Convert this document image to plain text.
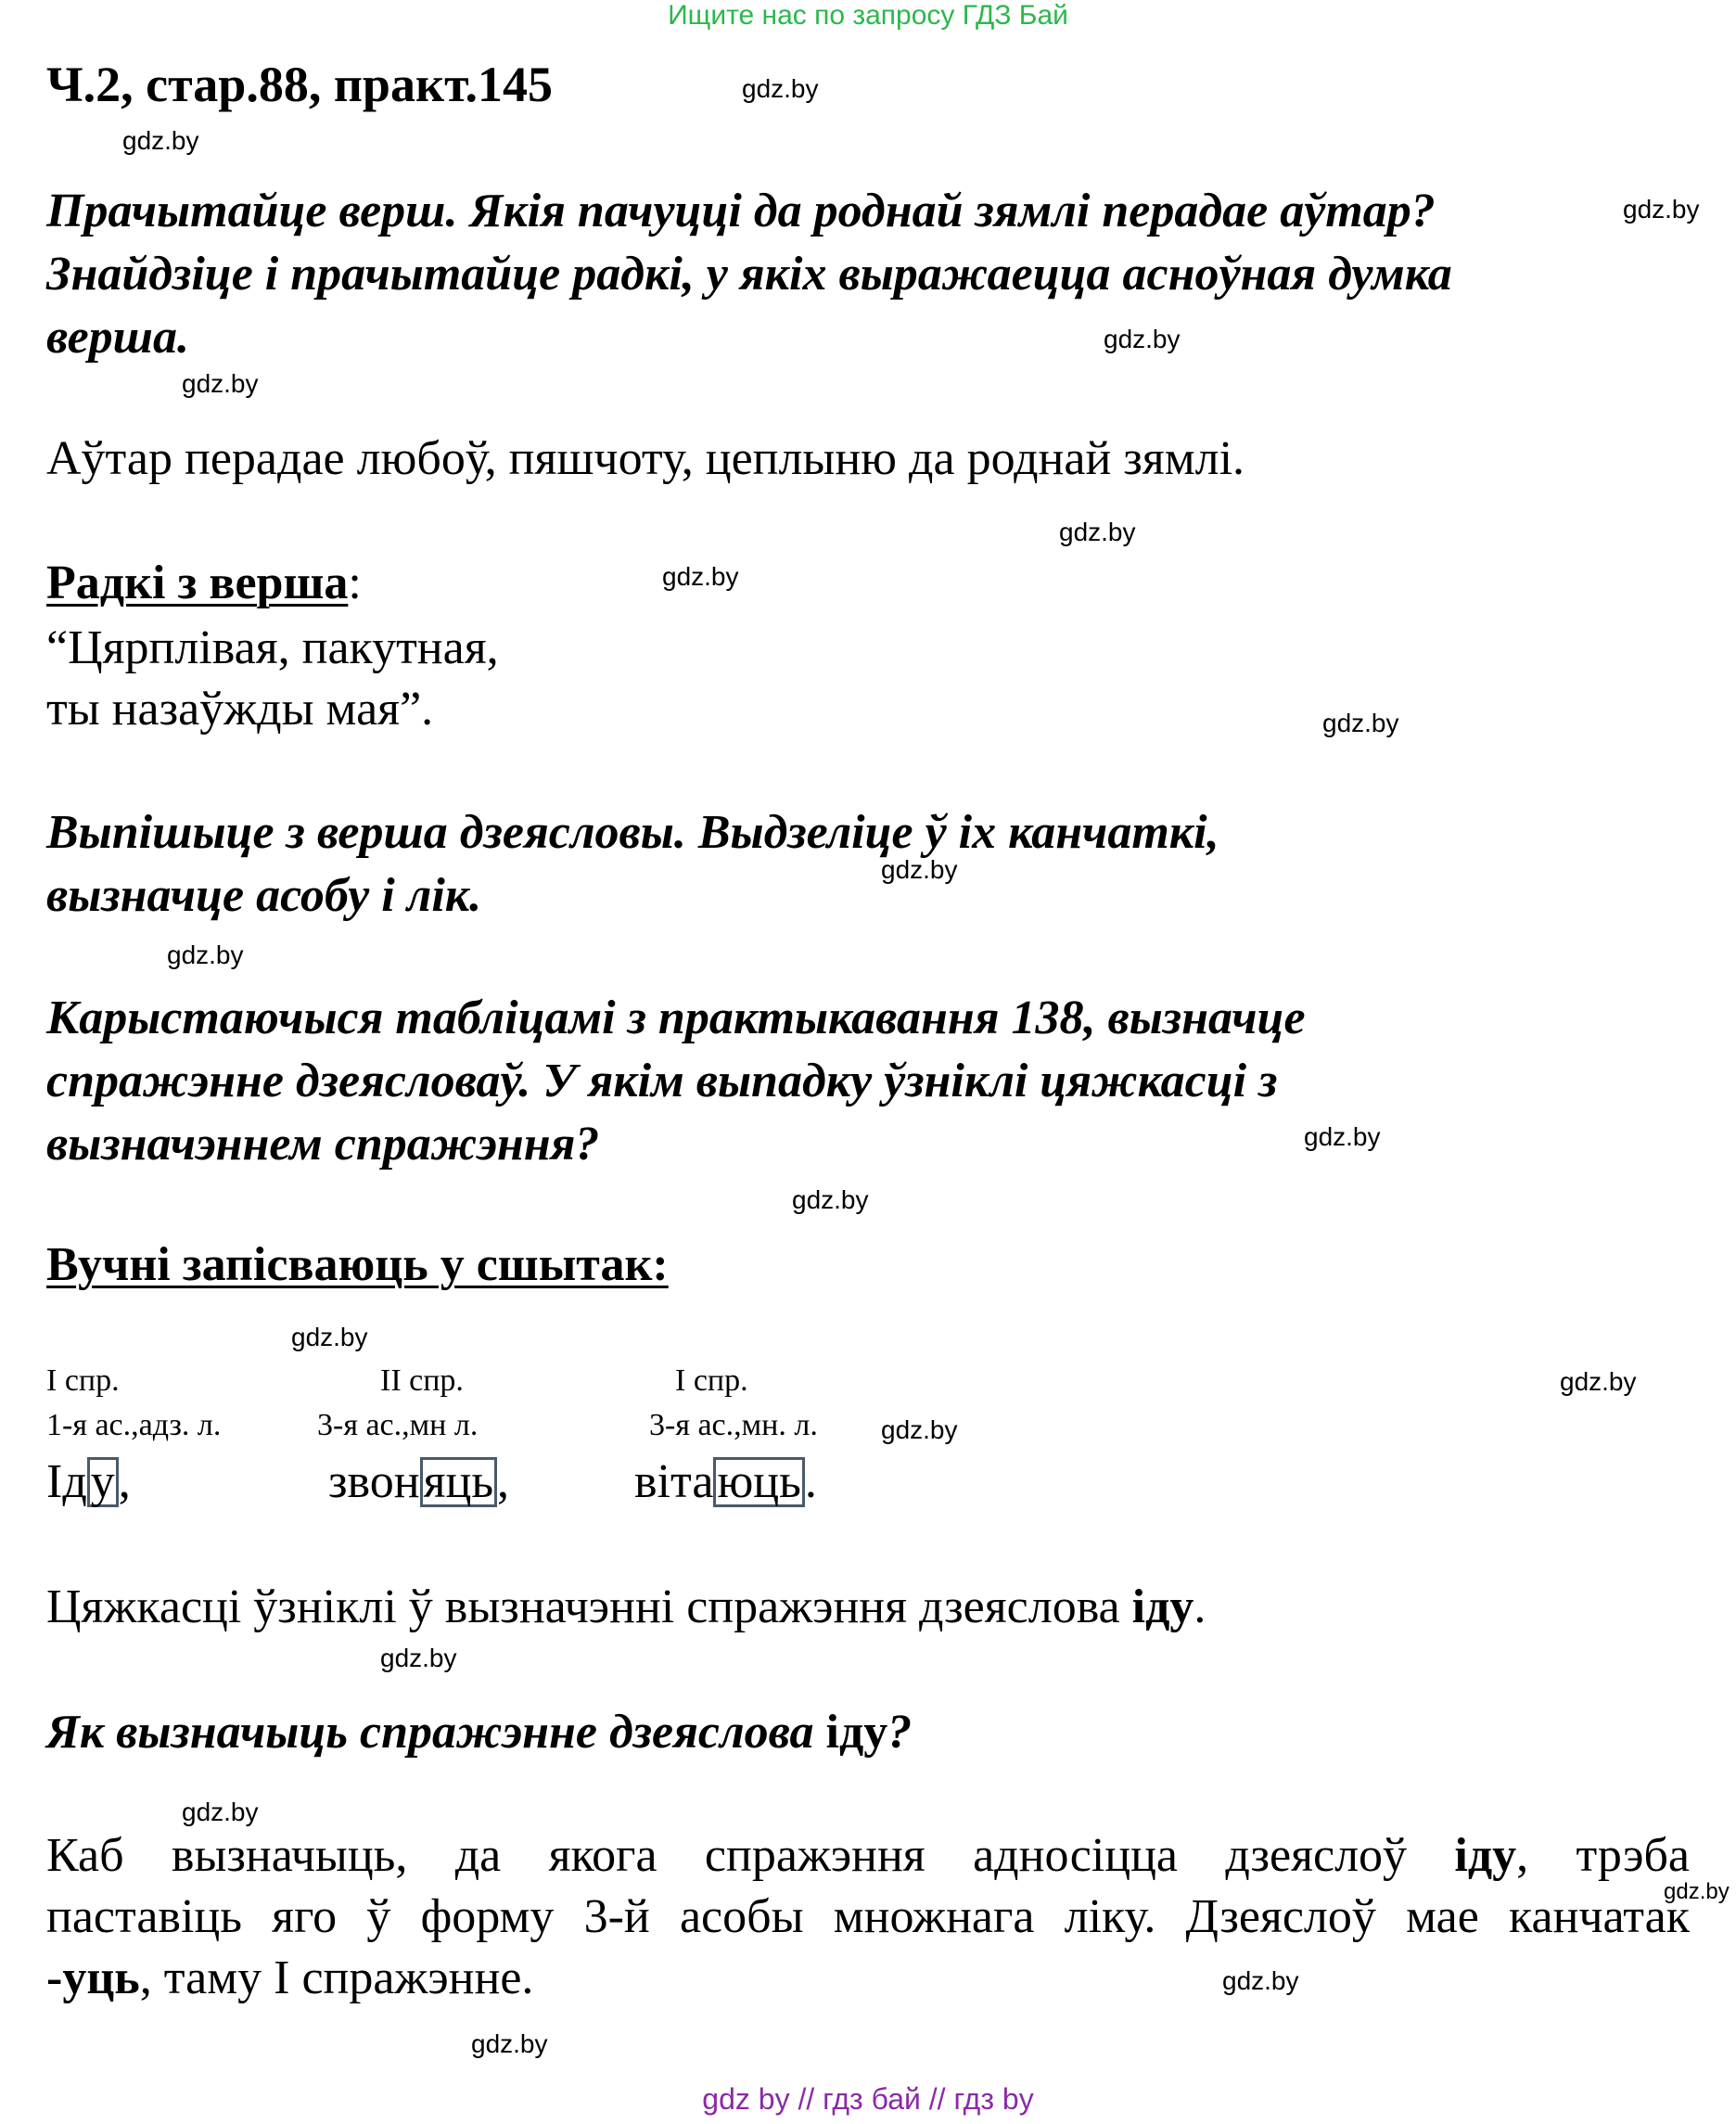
Ищите нас по запросу ГДЗ Бай
Ч.2, стар.88, практ.145	gdz.by
gdz.by
gdz.by
gdz.by
gdz.by
gdz.by
gdz.by
gdz.by
gdz.by
gdz.by
gdz.by
gdz.by
gdz.by
gdz.by
gdz.by
gdz.by
gdz.by
gdz.by
gdz.by
gdz.by
Прачытайце верш. Якія пачуцці да роднай зямлі перадае аўтар?
Знайдзіце і прачытайце радкі, у якіх выражаецца асноўная думка
верша.
Аўтар перадае любоў, пяшчоту, цеплыню да роднай зямлі.
Радкі з верша:
“Цярплівая, пакутная,
ты назаўжды мая”.
Выпішыце з верша дзеясловы. Выдзеліце ў іх канчаткі,
вызначце асобу і лік.
Карыстаючыся табліцамі з практыкавання 138, вызначце
спражэнне дзеясловаў. У якім выпадку ўзніклі цяжкасці з
вызначэннем спражэння?
Вучні запісваюць у сшытак:
I спр.	II спр.	I спр.
1-я ас.,адз. л.	3-я ас.,мн л.	3-я ас.,мн. л.
Іду,	звоняць,	вітаюць.
Цяжкасці ўзніклі ў вызначэнні спражэння дзеяслова іду.
Як вызначыць спражэнне дзеяслова іду?
Каб вызначыць, да якога спражэння адносіцца дзеяслоў іду, трэба
паставіць яго ў форму 3-й асобы множнага ліку. Дзеяслоў мае канчатак
-уць, таму I спражэнне.
gdz by // гдз бай // гдз by
